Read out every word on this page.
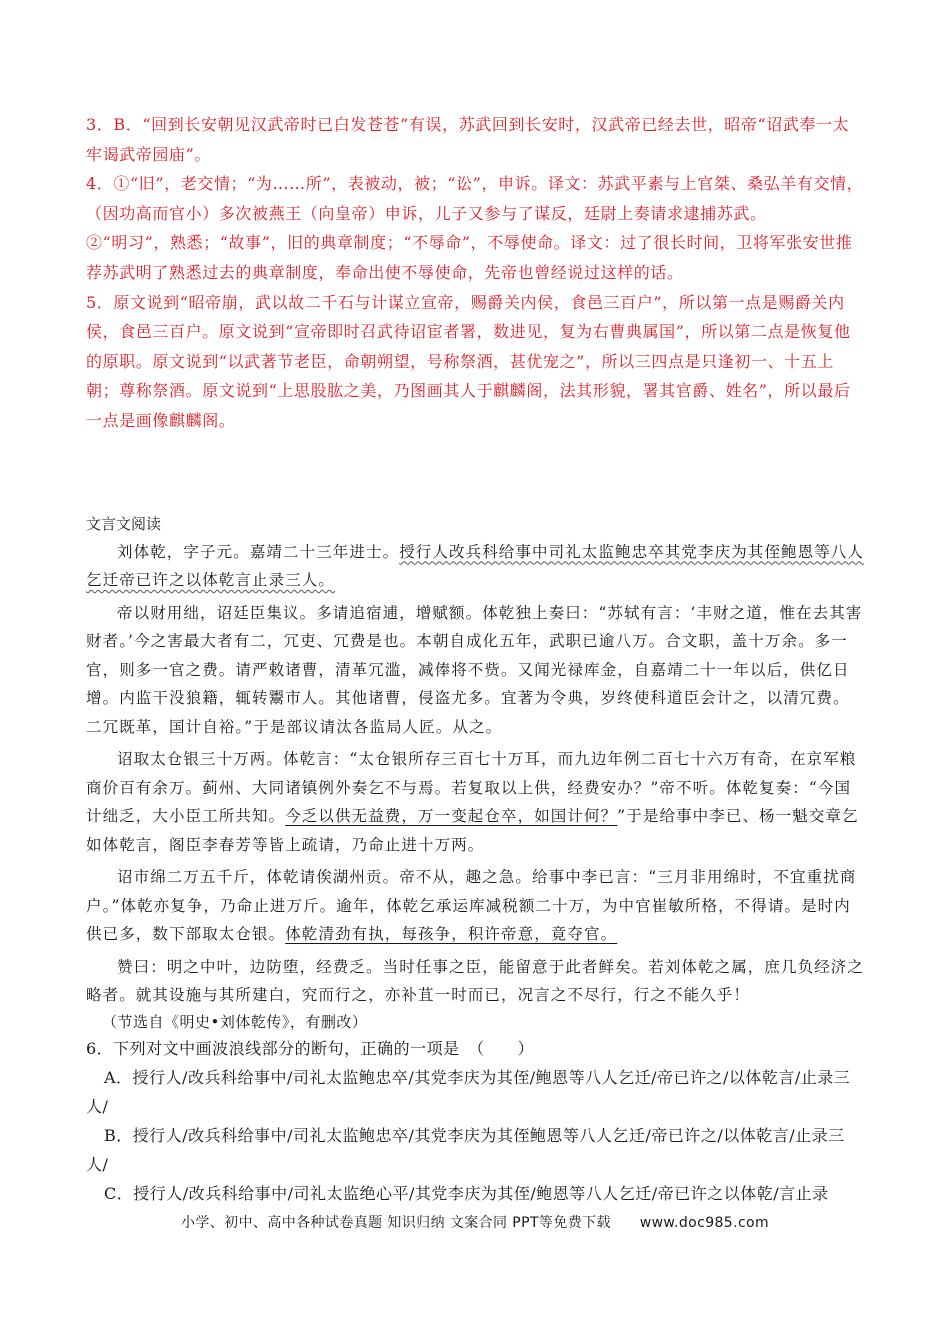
3．B．“回到长安朝见汉武帝时已白发苍苍”有误，苏武回到长安时，汉武帝已经去世，昭帝“诏武奉一太牢谒武帝园庙”。

4．①“旧”，老交情；“为……所”，表被动，被；“讼”，申诉。译文：苏武平素与上官桀、桑弘羊有交情，（因功高而官小）多次被燕王（向皇帝）申诉，儿子又参与了谋反，廷尉上奏请求逮捕苏武。

②“明习”，熟悉；“故事”，旧的典章制度；“不辱命”，不辱使命。译文：过了很长时间，卫将军张安世推荐苏武明了熟悉过去的典章制度，奉命出使不辱使命，先帝也曾经说过这样的话。

5．原文说到“昭帝崩，武以故二千石与计谋立宣帝，赐爵关内侯，食邑三百户”，所以第一点是赐爵关内侯，食邑三百户。原文说到“宣帝即时召武待诏宦者署，数进见，复为右曹典属国”，所以第二点是恢复他的原职。原文说到“以武著节老臣，命朝朔望，号称祭酒，甚优宠之”，所以三四点是只逢初一、十五上朝；尊称祭酒。原文说到“上思股肱之美，乃图画其人于麒麟阁，法其形貌，署其官爵、姓名”，所以最后一点是画像麒麟阁。

文言文阅读

刘体乾，字子元。嘉靖二十三年进士。授行人改兵科给事中司礼太监鲍忠卒其党李庆为其侄鲍恩等八人乞迁帝已许之以体乾言止录三人。

帝以财用绌，诏廷臣集议。多请追宿逋，增赋额。体乾独上奏曰：“苏轼有言：‘丰财之道，惟在去其害财者。’今之害最大者有二，冗吏、冗费是也。本朝自成化五年，武职已逾八万。合文职，盖十万余。多一官，则多一官之费。请严敕诸曹，清革冗滥，减俸将不赀。又闻光禄库金，自嘉靖二十一年以后，供亿日增。内监干没狼籍，辄转鬻市人。其他诸曹，侵盗尤多。宜著为令典，岁终使科道臣会计之，以清冗费。二冗既革，国计自裕。”于是部议请汰各监局人匠。从之。

诏取太仓银三十万两。体乾言：“太仓银所存三百七十万耳，而九边年例二百七十六万有奇，在京军粮商价百有余万。蓟州、大同诸镇例外奏乞不与焉。若复取以上供，经费安办？”帝不听。体乾复奏：“今国计绌乏，大小臣工所共知。今乏以供无益费，万一变起仓卒，如国计何？”于是给事中李已、杨一魁交章乞如体乾言，阁臣李春芳等皆上疏请，乃命止进十万两。

诏市绵二万五千斤，体乾请俟湖州贡。帝不从，趣之急。给事中李已言：“三月非用绵时，不宜重扰商户。”体乾亦复争，乃命止进万斤。逾年，体乾乞承运库减税额二十万，为中官崔敏所格，不得请。是时内供已多，数下部取太仓银。体乾清劲有执，每孩争，积许帝意，竟夺官。

赞曰：明之中叶，边防堕，经费乏。当时任事之臣，能留意于此者鲜矣。若刘体乾之属，庶几负经济之略者。就其设施与其所建白，究而行之，亦补苴一时而已，况言之不尽行，行之不能久乎！

（节选自《明史•刘体乾传》，有删改）

6．下列对文中画波浪线部分的断句，正确的一项是　（　　）

A．授行人/改兵科给事中/司礼太监鲍忠卒/其党李庆为其侄/鲍恩等八人乞迁/帝已许之/以体乾言/止录三人/

B．授行人/改兵科给事中/司礼太监鲍忠卒/其党李庆为其侄鲍恩等八人乞迁/帝已许之/以体乾言/止录三人/

C．授行人/改兵科给事中/司礼太监绝心平/其党李庆为其侄/鲍恩等八人乞迁/帝已许之以体乾/言止录

小学、初中、高中各种试卷真题 知识归纳 文案合同 PPT等免费下载　　www.doc985.com
